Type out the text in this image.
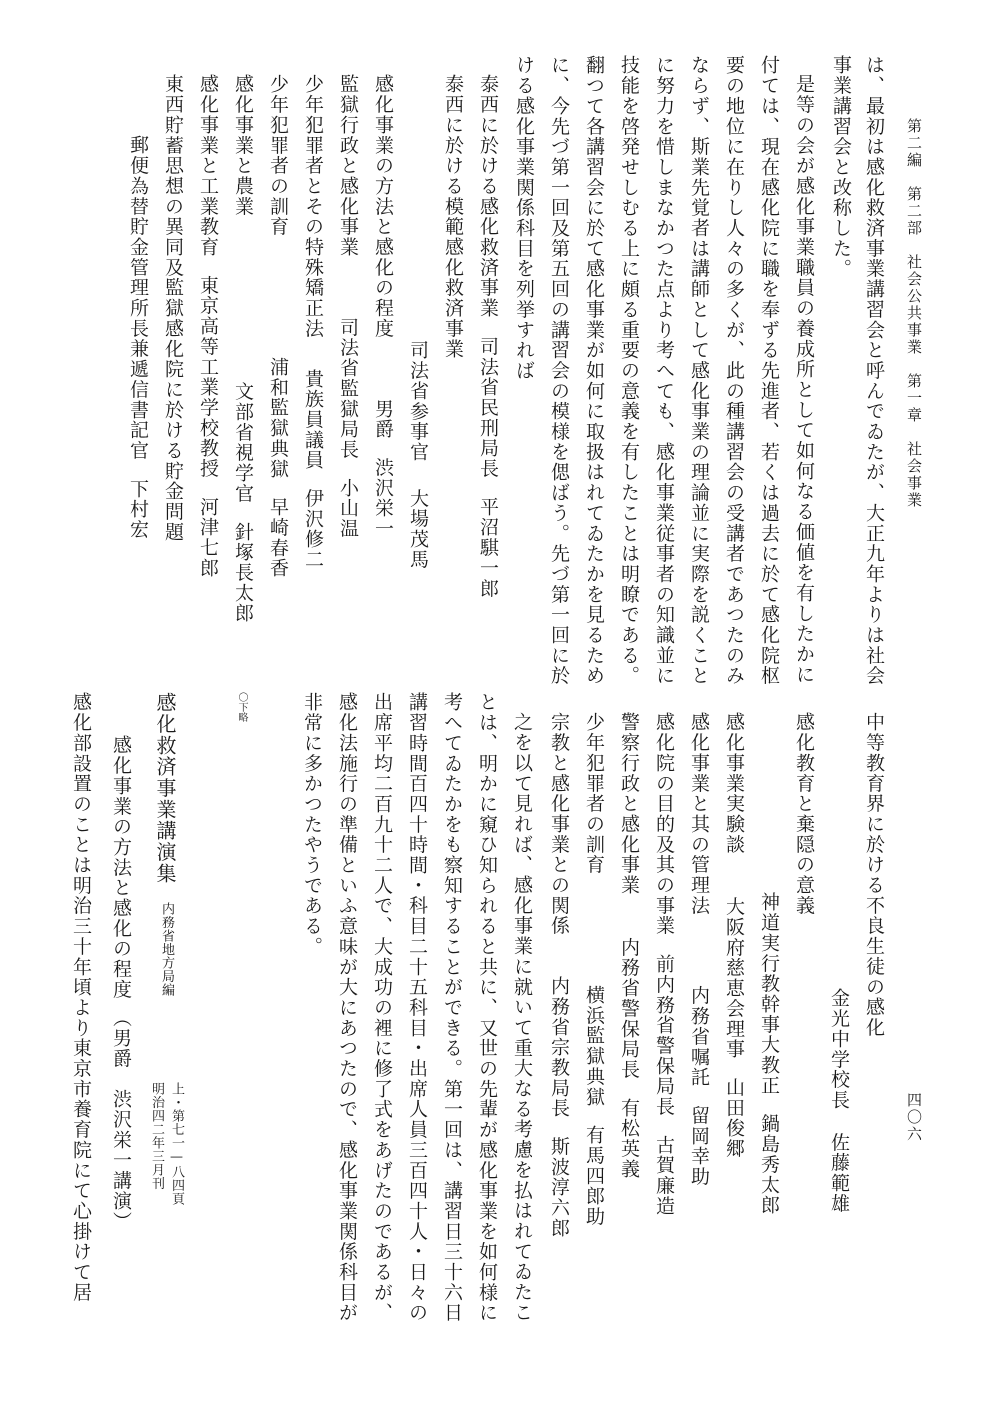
第二編　第二部　社会公共事業　第一章　社会事業
四〇六
は、最初は感化救済事業講習会と呼んでゐたが、大正九年よりは社会
事業講習会と改称した。
是等の会が感化事業職員の養成所として如何なる価値を有したかに
付ては、現在感化院に職を奉ずる先進者、若くは過去に於て感化院枢
要の地位に在りし人々の多くが、此の種講習会の受講者であつたのみ
ならず、斯業先覚者は講師として感化事業の理論並に実際を説くこと
に努力を惜しまなかつた点より考へても、感化事業従事者の知識並に
技能を啓発せしむる上に頗る重要の意義を有したことは明瞭である。
翻つて各講習会に於て感化事業が如何に取扱はれてゐたかを見るため
に、今先づ第一回及第五回の講習会の模様を偲ばう。先づ第一回に於
ける感化事業関係科目を列挙すれば
泰西に於ける感化救済事業司法省民刑局長平沼騏一郎
泰西に於ける模範感化救済事業
司法省参事官大場茂馬
感化事業の方法と感化の程度男爵渋沢栄一
監獄行政と感化事業司法省監獄局長小山温
少年犯罪者とその特殊矯正法貴族員議員伊沢修二
少年犯罪者の訓育浦和監獄典獄早崎春香
感化事業と農業文部省視学官針塚長太郎
感化事業と工業教育東京高等工業学校教授河津七郎
東西貯蓄思想の異同及監獄感化院に於ける貯金問題
郵便為替貯金管理所長兼遞信書記官下村宏
中等教育界に於ける不良生徒の感化
金光中学校長佐藤範雄
感化教育と棄隠の意義
神道実行教幹事大教正鍋島秀太郎
感化事業実験談大阪府慈恵会理事山田俊郷
感化事業と其の管理法内務省嘱託留岡幸助
感化院の目的及其の事業前内務省警保局長古賀廉造
警察行政と感化事業内務省警保局長有松英義
少年犯罪者の訓育横浜監獄典獄有馬四郎助
宗教と感化事業との関係内務省宗教局長斯波淳六郎
之を以て見れば、感化事業に就いて重大なる考慮を払はれてゐたこ
とは、明かに窺ひ知られると共に、又世の先輩が感化事業を如何様に
考へてゐたかをも察知することができる。第一回は、講習日三十六日
講習時間百四十時間・科目二十五科目・出席人員三百四十人・日々の
出席平均二百九十二人で、大成功の裡に修了式をあげたのであるが、
感化法施行の準備といふ意味が大にあつたので、感化事業関係科目が
非常に多かつたやうである。
〇下略
感化救済事業講演集
内務省地方局編
上・第七一—八四頁
明治四二年三月刊
感化事業の方法と感化の程度（男爵　渋沢栄一講演）
感化部設置のことは明治三十年頃より東京市養育院にて心掛けて居
